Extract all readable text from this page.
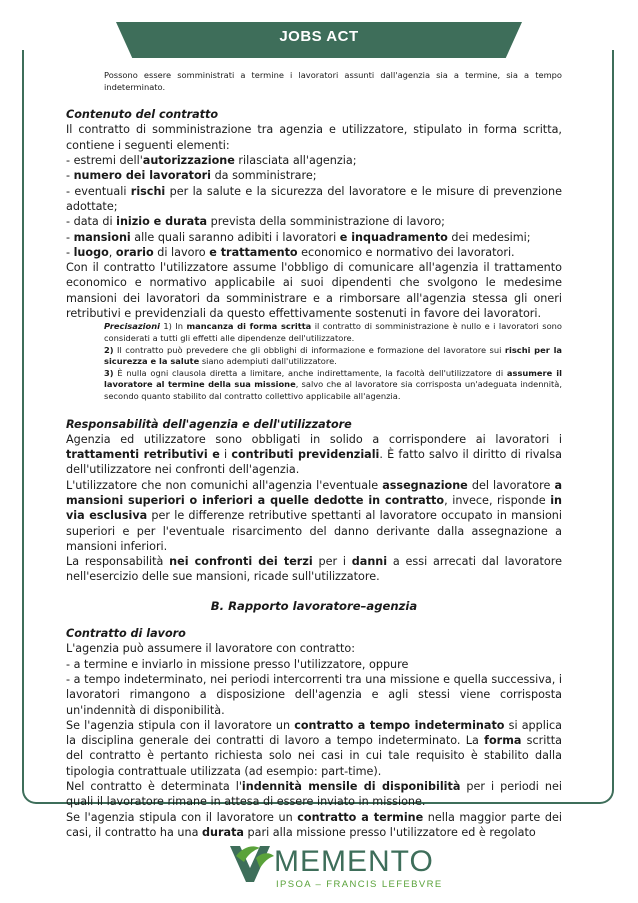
JOBS ACT

Possono essere somministrati a termine i lavoratori assunti dall'agenzia sia a termine, sia a tempo indeterminato.

Contenuto del contratto

Il contratto di somministrazione tra agenzia e utilizzatore, stipulato in forma scritta, contiene i seguenti elementi:

- estremi dell'autorizzazione rilasciata all'agenzia;

- numero dei lavoratori da somministrare;

- eventuali rischi per la salute e la sicurezza del lavoratore e le misure di prevenzione adottate;

- data di inizio e durata prevista della somministrazione di lavoro;

- mansioni alle quali saranno adibiti i lavoratori e inquadramento dei medesimi;

- luogo, orario di lavoro e trattamento economico e normativo dei lavoratori.

Con il contratto l'utilizzatore assume l'obbligo di comunicare all'agenzia il trattamento economico e normativo applicabile ai suoi dipendenti che svolgono le medesime mansioni dei lavoratori da somministrare e a rimborsare all'agenzia stessa gli oneri retributivi e previdenziali da questo effettivamente sostenuti in favore dei lavoratori.

Precisazioni 1) In mancanza di forma scritta il contratto di somministrazione è nullo e i lavoratori sono considerati a tutti gli effetti alle dipendenze dell'utilizzatore.

2) Il contratto può prevedere che gli obblighi di informazione e formazione del lavoratore sui rischi per la sicurezza e la salute siano adempiuti dall'utilizzatore.

3) È nulla ogni clausola diretta a limitare, anche indirettamente, la facoltà dell'utilizzatore di assumere il lavoratore al termine della sua missione, salvo che al lavoratore sia corrisposta un'adeguata indennità, secondo quanto stabilito dal contratto collettivo applicabile all'agenzia.

Responsabilità dell'agenzia e dell'utilizzatore

Agenzia ed utilizzatore sono obbligati in solido a corrispondere ai lavoratori i trattamenti retributivi e i contributi previdenziali. È fatto salvo il diritto di rivalsa dell'utilizzatore nei confronti dell'agenzia.

L'utilizzatore che non comunichi all'agenzia l'eventuale assegnazione del lavoratore a mansioni superiori o inferiori a quelle dedotte in contratto, invece, risponde in via esclusiva per le differenze retributive spettanti al lavoratore occupato in mansioni superiori e per l'eventuale risarcimento del danno derivante dalla assegnazione a mansioni inferiori.

La responsabilità nei confronti dei terzi per i danni a essi arrecati dal lavoratore nell'esercizio delle sue mansioni, ricade sull'utilizzatore.

B. Rapporto lavoratore–agenzia

Contratto di lavoro

L'agenzia può assumere il lavoratore con contratto:

- a termine e inviarlo in missione presso l'utilizzatore, oppure

- a tempo indeterminato, nei periodi intercorrenti tra una missione e quella successiva, i lavoratori rimangono a disposizione dell'agenzia e agli stessi viene corrisposta un'indennità di disponibilità.

Se l'agenzia stipula con il lavoratore un contratto a tempo indeterminato si applica la disciplina generale dei contratti di lavoro a tempo indeterminato. La forma scritta del contratto è pertanto richiesta solo nei casi in cui tale requisito è stabilito dalla tipologia contrattuale utilizzata (ad esempio: part-time).

Nel contratto è determinata l'indennità mensile di disponibilità per i periodi nei quali il lavoratore rimane in attesa di essere inviato in missione.

Se l'agenzia stipula con il lavoratore un contratto a termine nella maggior parte dei casi, il contratto ha una durata pari alla missione presso l'utilizzatore ed è regolato

MEMENTO
IPSOA – FRANCIS LEFEBVRE
